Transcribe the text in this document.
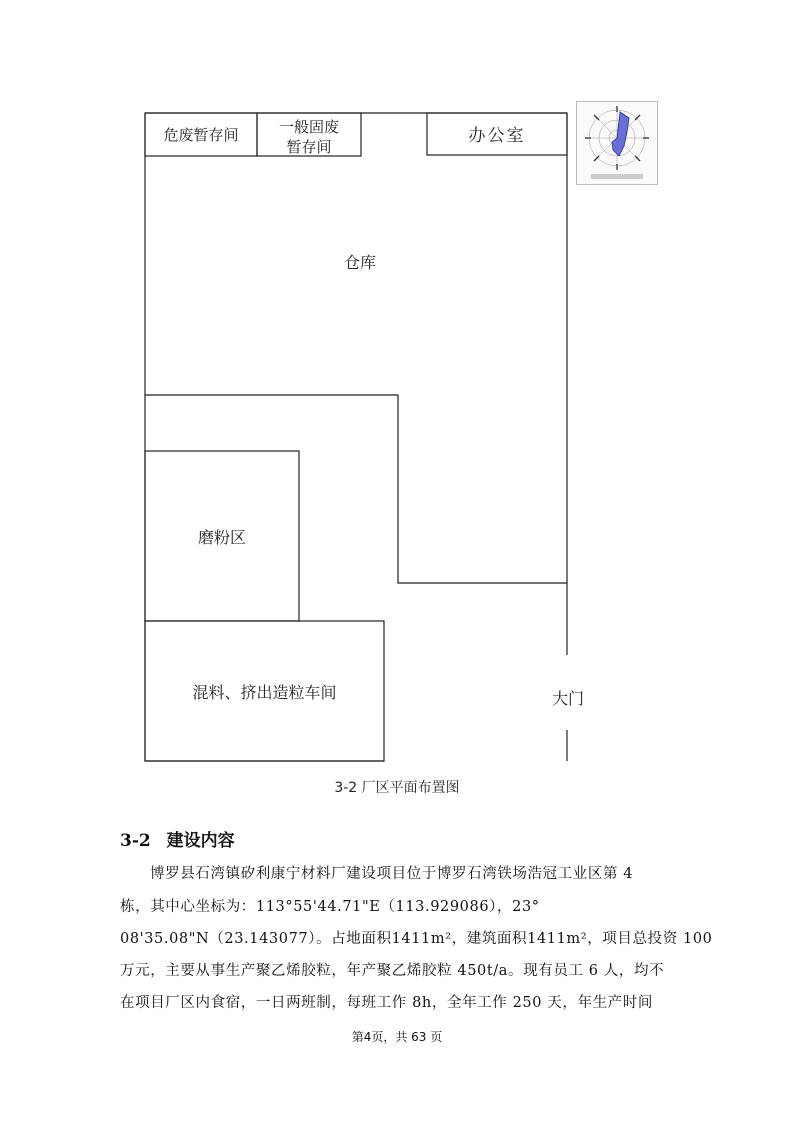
危废暂存间	一般固废
暂存间
办公室
仓库
磨粉区
混料、挤出造粒车间	大门
3-2 厂区平面布置图
3-2 建设内容
博罗县石湾镇矽利康宁材料厂建设项目位于博罗石湾铁场浩冠工业区第 4
栋，其中心坐标为：113°55'44.71"E（113.929086），23°
08'35.08"N（23.143077）。占地面积1411m²，建筑面积1411m²，项目总投资 100
万元，主要从事生产聚乙烯胶粒，年产聚乙烯胶粒 450t/a。现有员工 6 人，均不
在项目厂区内食宿，一日两班制，每班工作 8h，全年工作 250 天，年生产时间
第4页，共 63 页
